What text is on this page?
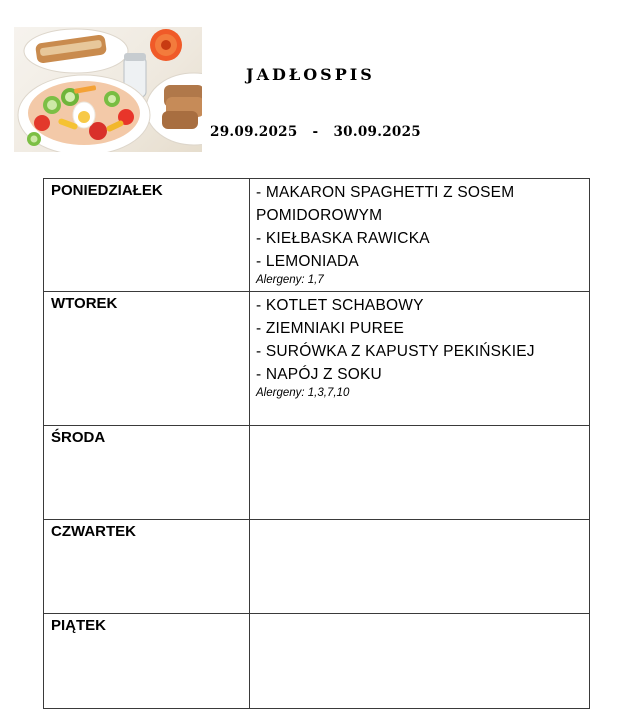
JADŁOSPIS
29.09.2025 - 30.09.2025
PONIEDZIAŁEK	- MAKARON SPAGHETTI Z SOSEM POMIDOROWYM
- KIEŁBASKA RAWICKA
- LEMONIADA
Alergeny: 1,7

WTOREK	- KOTLET SCHABOWY
- ZIEMNIAKI PUREE
- SURÓWKA Z KAPUSTY PEKIŃSKIEJ
- NAPÓJ Z SOKU
Alergeny: 1,3,7,10

ŚRODA	
CZWARTEK	
PIĄTEK	
